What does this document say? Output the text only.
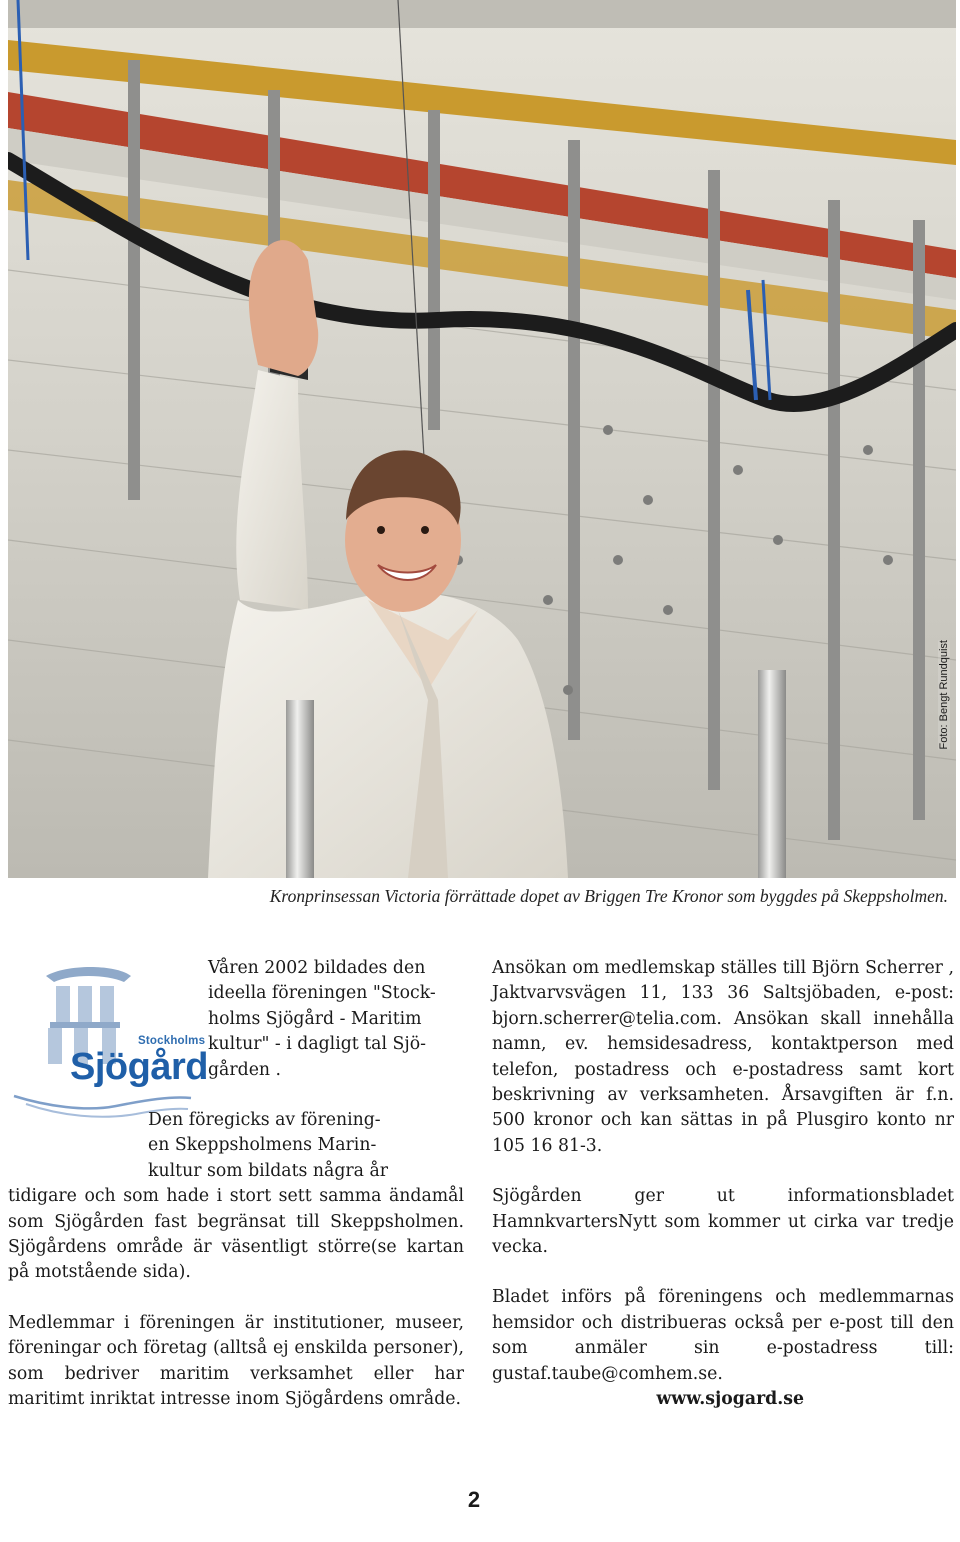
Foto: Bengt Rundquist
Kronprinsessan Victoria förrättade dopet av Briggen Tre Kronor som byggdes på Skeppsholmen.
Stockholms
Sjögård

Våren 2002 bildades den

ideella föreningen "Stock-

holms Sjögård - Maritim

kultur" - i dagligt tal Sjö-

gården .

Den föregicks av förening-

en Skeppsholmens Marin-

kultur som bildats några år

tidigare och som hade i stort sett samma ändamål som Sjögården fast begränsat till Skeppsholmen. Sjögårdens område är väsentligt större(se kartan på motstående sida).

Medlemmar i föreningen är institutioner, museer, föreningar och företag (alltså ej enskilda personer), som bedriver maritim verksamhet eller har maritimt inriktat intresse inom Sjögårdens område.

Ansökan om medlemskap ställes till Björn Scherrer , Jaktvarvsvägen 11, 133 36 Saltsjöbaden, e-post: bjorn.scherrer@telia.com. Ansökan skall innehålla namn, ev. hemsidesadress, kontaktperson med telefon, postadress och e-postadress samt kort beskrivning av verksamheten. Årsavgiften är f.n. 500 kronor och kan sättas in på Plusgiro konto nr 105 16 81-3.

Sjögården ger ut informationsbladet HamnkvartersNytt som kommer ut cirka var tredje vecka.

Bladet införs på föreningens och medlemmarnas hemsidor och distribueras också per e-post till den som anmäler sin e-postadress till: gustaf.taube@comhem.se.

www.sjogard.se

2
